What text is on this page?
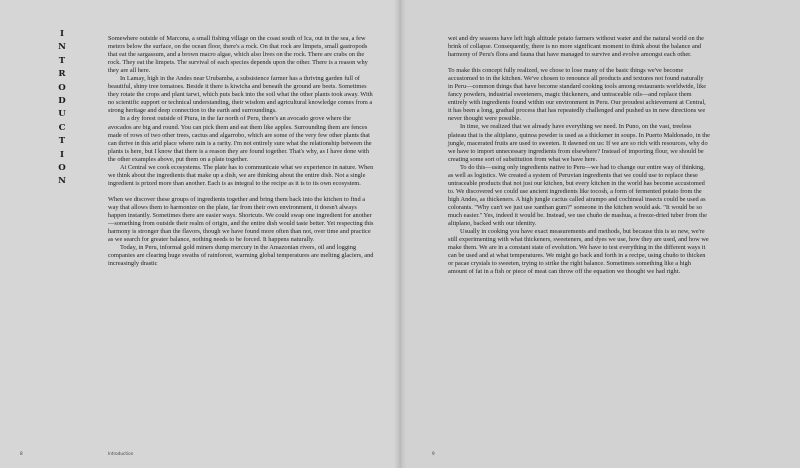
INTRODUCTION

Somewhere outside of Marcona, a small fishing village on the coast south of Ica, out in the sea, a few meters below the surface, on the ocean floor, there's a rock. On that rock are limpets, small gastropods that eat the sargassum, and a brown macro algae, which also lives on the rock. There are crabs on the rock. They eat the limpets. The survival of each species depends upon the other. There is a reason why they are all here.

In Lamay, high in the Andes near Urubamba, a subsistence farmer has a thriving garden full of beautiful, shiny tree tomatoes. Beside it there is kiwicha and beneath the ground are beets. Sometimes they rotate the crops and plant tarwi, which puts back into the soil what the other plants took away. With no scientific support or technical understanding, their wisdom and agricultural knowledge comes from a strong heritage and deep connection to the earth and surroundings.

In a dry forest outside of Piura, in the far north of Peru, there's an avocado grove where the avocados are big and round. You can pick them and eat them like apples. Surrounding them are fences made of rows of two other trees, cactus and algarrobo, which are some of the very few other plants that can thrive in this arid place where rain is a rarity. I'm not entirely sure what the relationship between the plants is here, but I know that there is a reason they are found together. That's why, as I have done with the other examples above, put them on a plate together.

At Central we cook ecosystems. The plate has to communicate what we experience in nature. When we think about the ingredients that make up a dish, we are thinking about the entire dish. Not a single ingredient is prized more than another. Each is as integral to the recipe as it is to its own ecosystem.

When we discover these groups of ingredients together and bring them back into the kitchen to find a way that allows them to harmonize on the plate, far from their own environment, it doesn't always happen instantly. Sometimes there are easier ways. Shortcuts. We could swap one ingredient for another—something from outside their realm of origin, and the entire dish would taste better. Yet respecting this harmony is stronger than the flavors, though we have found more often than not, over time and practice as we search for greater balance, nothing needs to be forced. It happens naturally.

Today, in Peru, informal gold miners dump mercury in the Amazonian rivers, oil and logging companies are clearing huge swaths of rainforest, warming global temperatures are melting glaciers, and increasingly drastic

8	Introduction

wet and dry seasons have left high altitude potato farmers without water and the natural world on the brink of collapse. Consequently, there is no more significant moment to think about the balance and harmony of Peru's flora and fauna that have managed to survive and evolve amongst each other.

To make this concept fully realized, we chose to lose many of the basic things we've become accustomed to in the kitchen. We've chosen to renounce all products and textures not found naturally in Peru—common things that have become standard cooking tools among restaurants worldwide, like fancy powders, industrial sweeteners, magic thickeners, and untraceable oils—and replace them entirely with ingredients found within our environment in Peru. Our proudest achievement at Central, it has been a long, gradual process that has repeatedly challenged and pushed us in new directions we never thought were possible.

In time, we realized that we already have everything we need. In Puno, on the vast, treeless plateau that is the altiplano, quinoa powder is used as a thickener in soups. In Puerto Maldonado, in the jungle, macerated fruits are used to sweeten. It dawned on us: If we are so rich with resources, why do we have to import unnecessary ingredients from elsewhere? Instead of importing flour, we should be creating some sort of substitution from what we have here.

To do this—using only ingredients native to Peru—we had to change our entire way of thinking, as well as logistics. We created a system of Peruvian ingredients that we could use to replace these untraceable products that not just our kitchen, but every kitchen in the world has become accustomed to. We discovered we could use ancient ingredients like tocosh, a form of fermented potato from the high Andes, as thickeners. A high jungle cactus called airampo and cochineal insects could be used as colorants. "Why can't we just use xanthan gum?" someone in the kitchen would ask. "It would be so much easier." Yes, indeed it would be. Instead, we use chuño de mashua, a freeze-dried tuber from the altiplano, backed with our identity.

Usually in cooking you have exact measurements and methods, but because this is so new, we're still experimenting with what thickeners, sweeteners, and dyes we use, how they are used, and how we make them. We are in a constant state of evolution. We have to test everything in the different ways it can be used and at what temperatures. We might go back and forth in a recipe, using chuño to thicken or pacae crystals to sweeten, trying to strike the right balance. Sometimes something like a high amount of fat in a fish or piece of meat can throw off the equation we thought we had right.

9
